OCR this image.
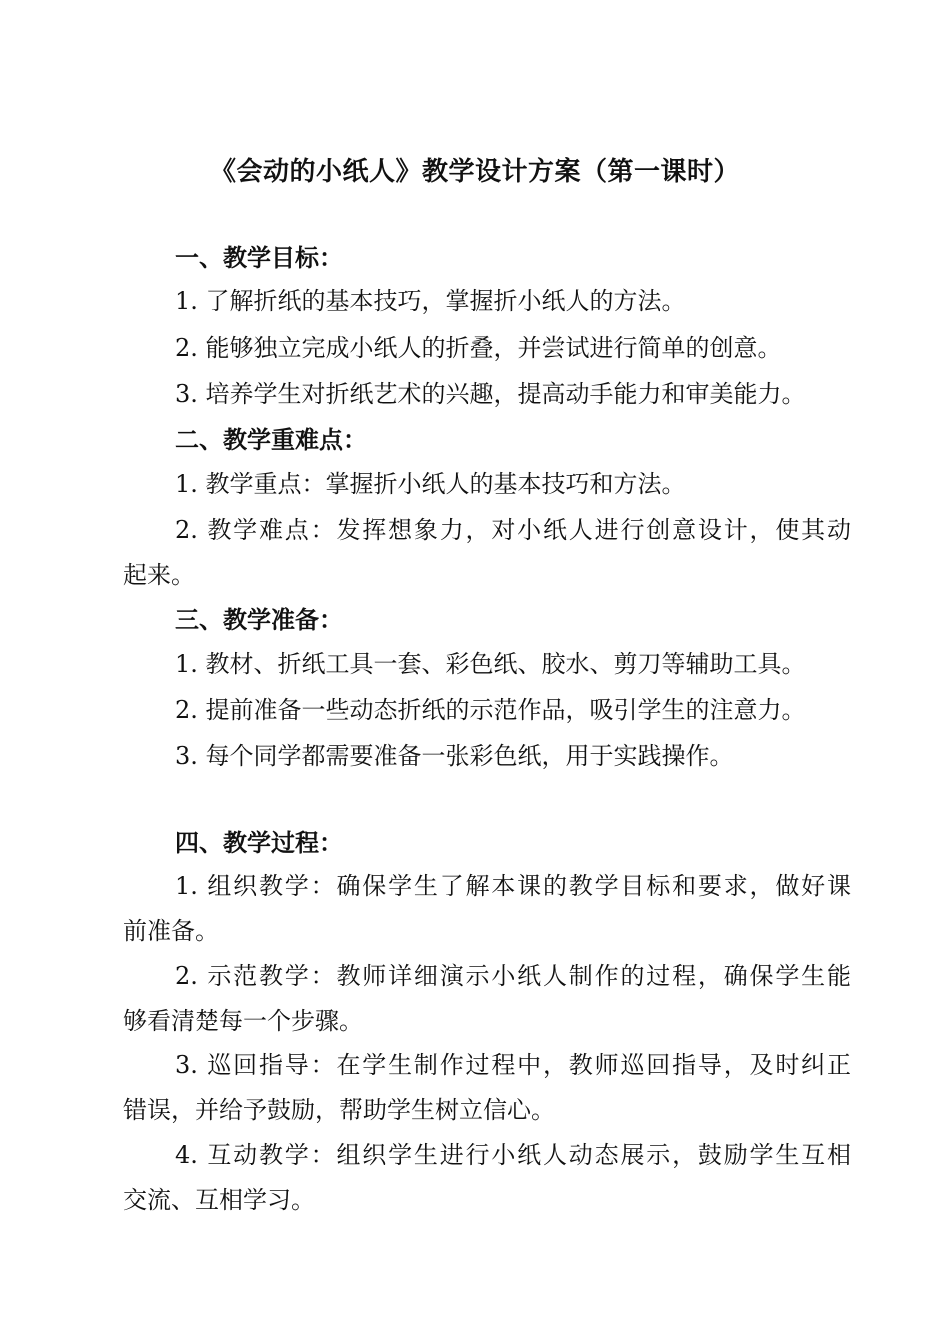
《会动的小纸人》教学设计方案（第一课时）
一、教学目标：
1. 了解折纸的基本技巧，掌握折小纸人的方法。
2. 能够独立完成小纸人的折叠，并尝试进行简单的创意。
3. 培养学生对折纸艺术的兴趣，提高动手能力和审美能力。
二、教学重难点：
1. 教学重点：掌握折小纸人的基本技巧和方法。
2. 教学难点：发挥想象力，对小纸人进行创意设计，使其动
起来。
三、教学准备：
1. 教材、折纸工具一套、彩色纸、胶水、剪刀等辅助工具。
2. 提前准备一些动态折纸的示范作品，吸引学生的注意力。
3. 每个同学都需要准备一张彩色纸，用于实践操作。
四、教学过程：
1. 组织教学：确保学生了解本课的教学目标和要求，做好课
前准备。
2. 示范教学：教师详细演示小纸人制作的过程，确保学生能
够看清楚每一个步骤。
3. 巡回指导：在学生制作过程中，教师巡回指导，及时纠正
错误，并给予鼓励，帮助学生树立信心。
4. 互动教学：组织学生进行小纸人动态展示，鼓励学生互相
交流、互相学习。
